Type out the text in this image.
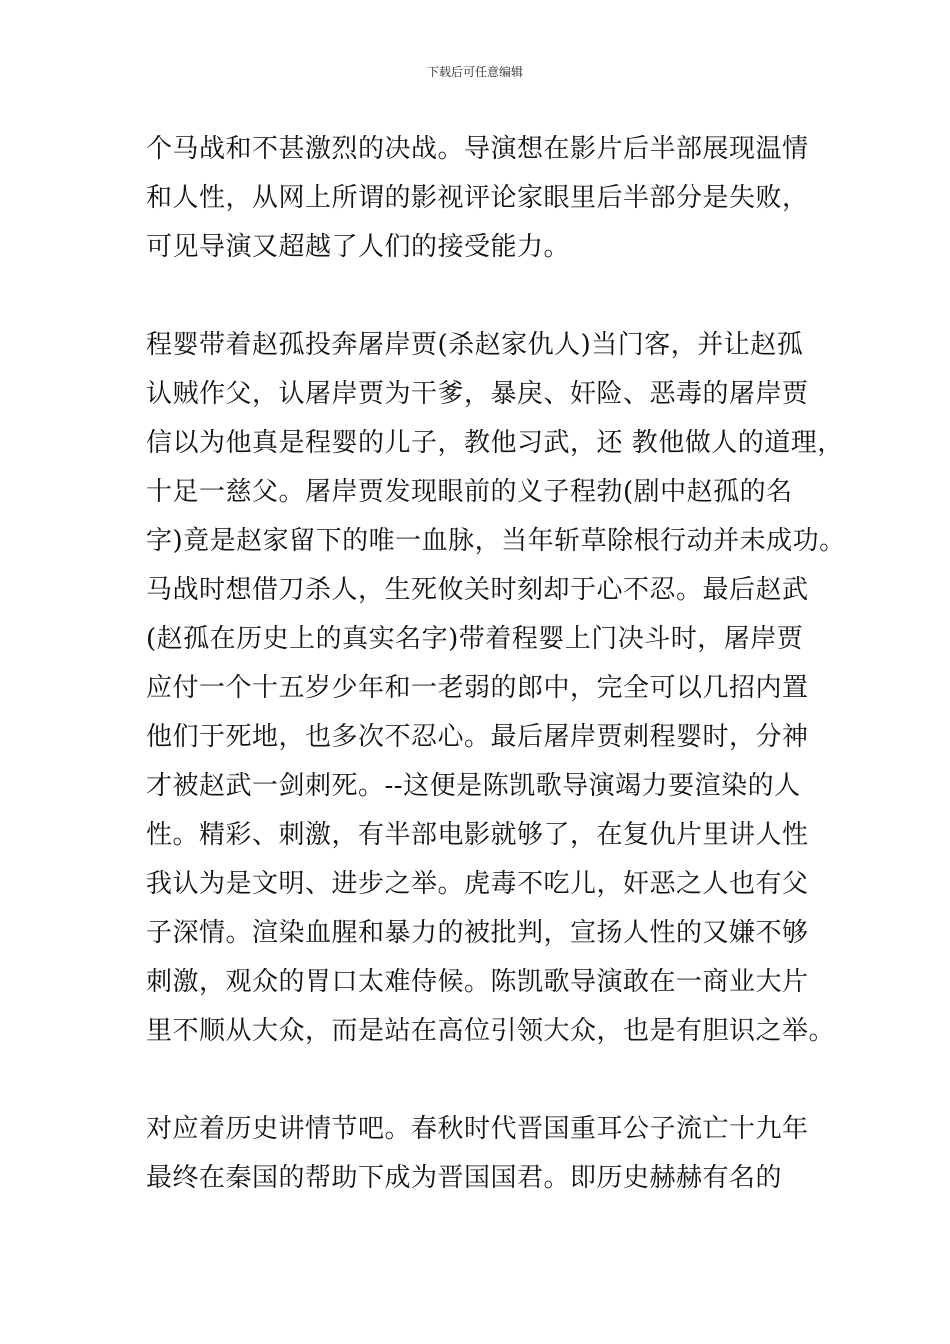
下载后可任意编辑
个马战和不甚激烈的决战。导演想在影片后半部展现温情
和人性，从网上所谓的影视评论家眼里后半部分是失败，
可见导演又超越了人们的接受能力。
程婴带着赵孤投奔屠岸贾(杀赵家仇人)当门客，并让赵孤
认贼作父，认屠岸贾为干爹，暴戾、奸险、恶毒的屠岸贾
信以为他真是程婴的儿子，教他习武，还 教他做人的道理，
十足一慈父。屠岸贾发现眼前的义子程勃(剧中赵孤的名
字)竟是赵家留下的唯一血脉，当年斩草除根行动并未成功。
马战时想借刀杀人，生死攸关时刻却于心不忍。最后赵武
(赵孤在历史上的真实名字)带着程婴上门决斗时，屠岸贾
应付一个十五岁少年和一老弱的郎中，完全可以几招内置
他们于死地，也多次不忍心。最后屠岸贾刺程婴时，分神
才被赵武一剑刺死。--这便是陈凯歌导演竭力要渲染的人
性。精彩、刺激，有半部电影就够了，在复仇片里讲人性
我认为是文明、进步之举。虎毒不吃儿，奸恶之人也有父
子深情。渲染血腥和暴力的被批判，宣扬人性的又嫌不够
刺激，观众的胃口太难侍候。陈凯歌导演敢在一商业大片
里不顺从大众，而是站在高位引领大众，也是有胆识之举。
对应着历史讲情节吧。春秋时代晋国重耳公子流亡十九年
最终在秦国的帮助下成为晋国国君。即历史赫赫有名的
